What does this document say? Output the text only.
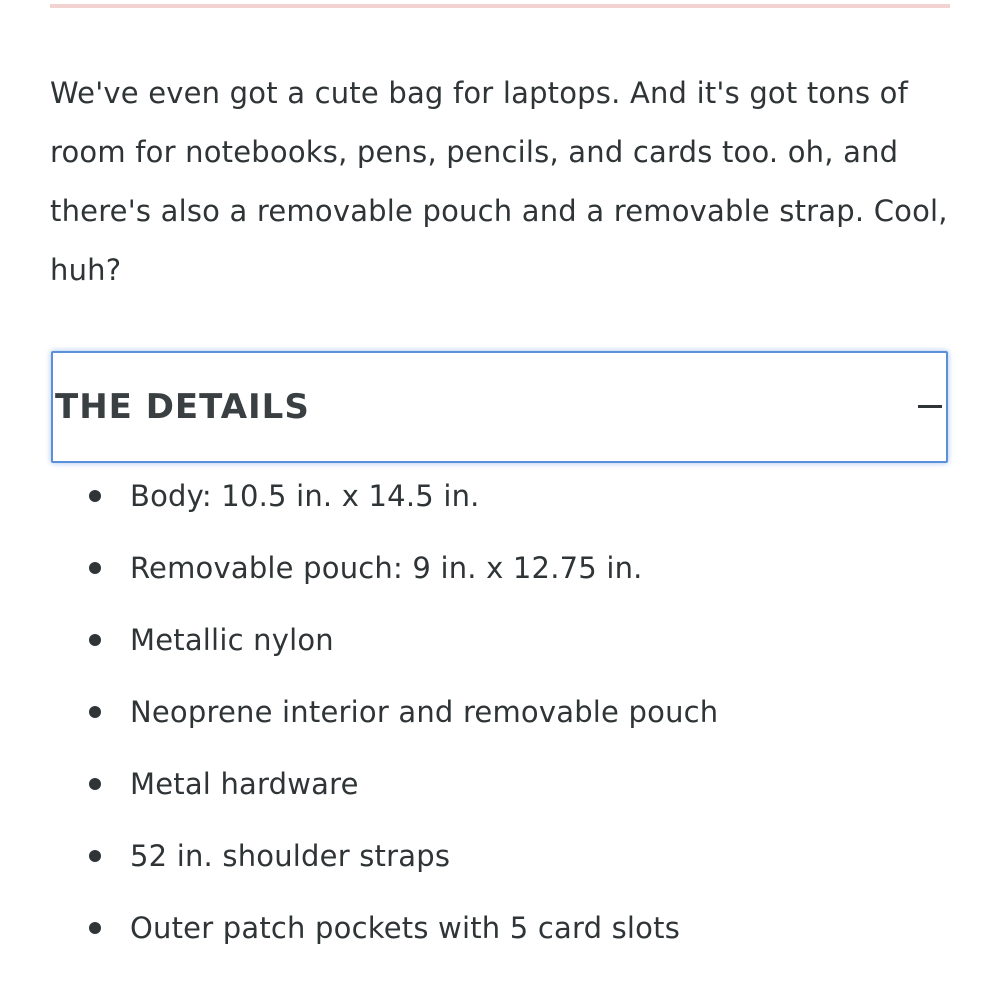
We've even got a cute bag for laptops. And it's got tons of room for notebooks, pens, pencils, and cards too. oh, and there's also a removable pouch and a removable strap. Cool, huh?

THE DETAILS
Body: 10.5 in. x 14.5 in.
Removable pouch: 9 in. x 12.75 in.
Metallic nylon
Neoprene interior and removable pouch
Metal hardware
52 in. shoulder straps
Outer patch pockets with 5 card slots
